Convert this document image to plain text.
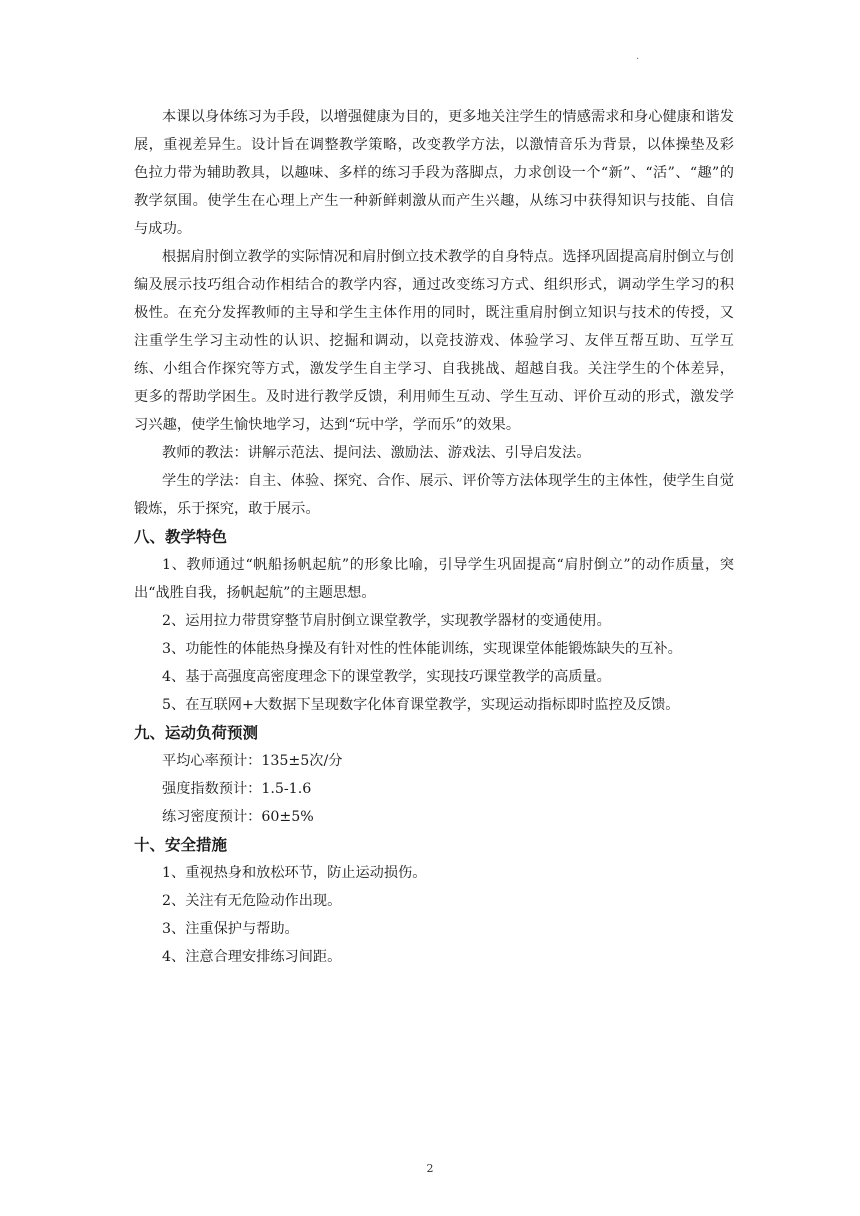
·

本课以身体练习为手段，以增强健康为目的，更多地关注学生的情感需求和身心健康和谐发展，重视差异生。设计旨在调整教学策略，改变教学方法，以激情音乐为背景，以体操垫及彩色拉力带为辅助教具，以趣味、多样的练习手段为落脚点，力求创设一个“新”、“活”、“趣”的教学氛围。使学生在心理上产生一种新鲜刺激从而产生兴趣，从练习中获得知识与技能、自信与成功。

根据肩肘倒立教学的实际情况和肩肘倒立技术教学的自身特点。选择巩固提高肩肘倒立与创编及展示技巧组合动作相结合的教学内容，通过改变练习方式、组织形式，调动学生学习的积极性。在充分发挥教师的主导和学生主体作用的同时，既注重肩肘倒立知识与技术的传授，又注重学生学习主动性的认识、挖掘和调动，以竞技游戏、体验学习、友伴互帮互助、互学互练、小组合作探究等方式，激发学生自主学习、自我挑战、超越自我。关注学生的个体差异， 更多的帮助学困生。及时进行教学反馈，利用师生互动、学生互动、评价互动的形式，激发学习兴趣，使学生愉快地学习，达到“玩中学，学而乐”的效果。

教师的教法：讲解示范法、提问法、激励法、游戏法、引导启发法。

学生的学法：自主、体验、探究、合作、展示、评价等方法体现学生的主体性，使学生自觉锻炼，乐于探究，敢于展示。

八、教学特色

1、教师通过“帆船扬帆起航”的形象比喻，引导学生巩固提高“肩肘倒立”的动作质量，突出“战胜自我，扬帆起航”的主题思想。

2、运用拉力带贯穿整节肩肘倒立课堂教学，实现教学器材的变通使用。

3、功能性的体能热身操及有针对性的性体能训练，实现课堂体能锻炼缺失的互补。

4、基于高强度高密度理念下的课堂教学，实现技巧课堂教学的高质量。

5、在互联网+大数据下呈现数字化体育课堂教学，实现运动指标即时监控及反馈。

九、运动负荷预测

平均心率预计：135±5次/分

强度指数预计：1.5-1.6

练习密度预计：60±5%

十、安全措施

1、重视热身和放松环节，防止运动损伤。

2、关注有无危险动作出现。

3、注重保护与帮助。

4、注意合理安排练习间距。

2
